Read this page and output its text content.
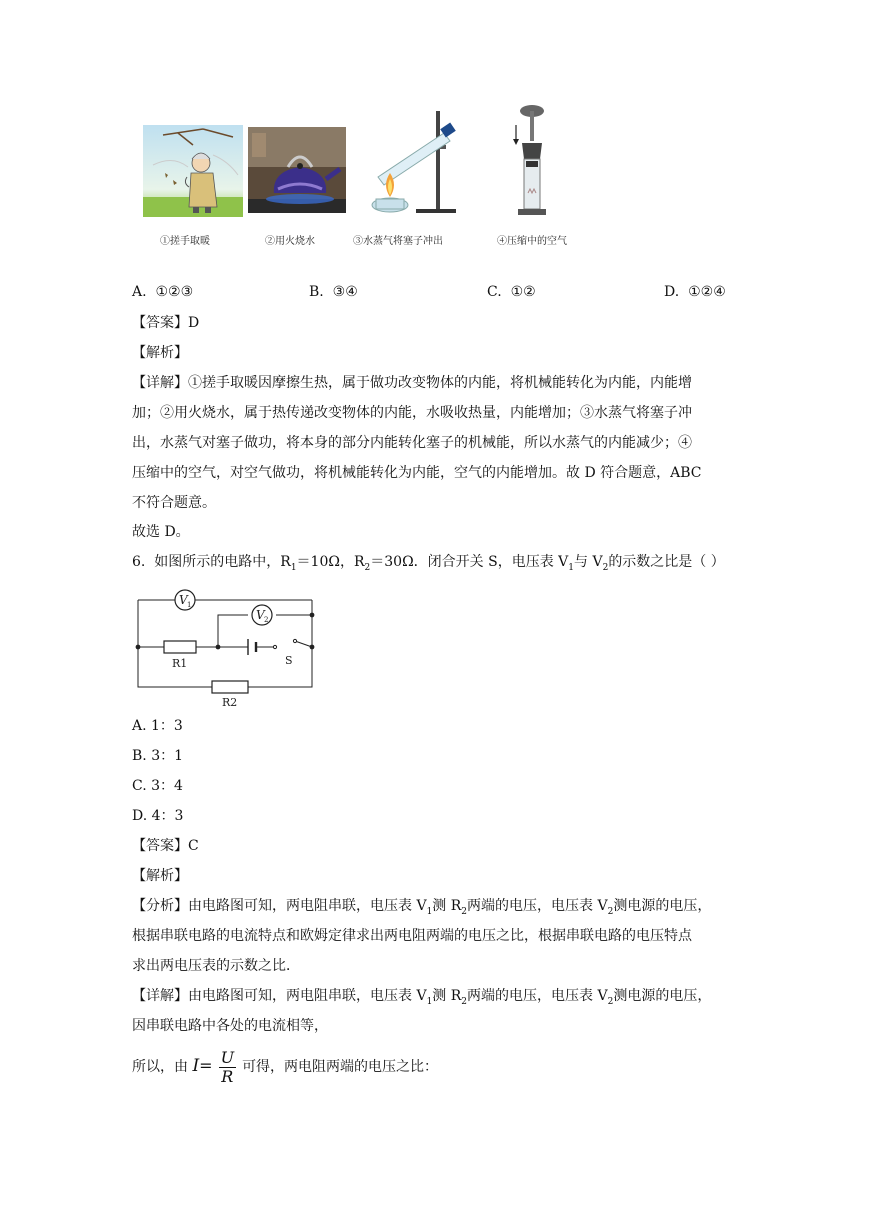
①搓手取暖	②用火烧水	③水蒸气将塞子冲出	④压缩中的空气
A. ①②③	B. ③④	C. ①②	D. ①②④
【答案】D
【解析】
【详解】①搓手取暖因摩擦生热，属于做功改变物体的内能，将机械能转化为内能，内能增
加；②用火烧水，属于热传递改变物体的内能，水吸收热量，内能增加；③水蒸气将塞子冲
出，水蒸气对塞子做功，将本身的部分内能转化塞子的机械能，所以水蒸气的内能减少；④
压缩中的空气，对空气做功，将机械能转化为内能，空气的内能增加。故 D 符合题意，ABC
不符合题意。
故选 D。
6. 如图所示的电路中，$R_1=10\Omega$，$R_2=30\Omega$．闭合开关 S，电压表 $V_1$与 $V_2$的示数之比是（ ）
V 1
V 2
R1
R2
S
A. 1：3
B. 3：1
C. 3：4
D. 4：3
【答案】C
【解析】
【分析】由电路图可知，两电阻串联，电压表 $V_1$测 $R_2$两端的电压，电压表 $V_2$测电源的电压，
根据串联电路的电流特点和欧姆定律求出两电阻两端的电压之比，根据串联电路的电压特点
求出两电压表的示数之比．
【详解】由电路图可知，两电阻串联，电压表 $V_1$测 $R_2$两端的电压，电压表 $V_2$测电源的电压，
因串联电路中各处的电流相等，
所以，由 $I= \frac{U}{R}$ 可得，两电阻两端的电压之比：
